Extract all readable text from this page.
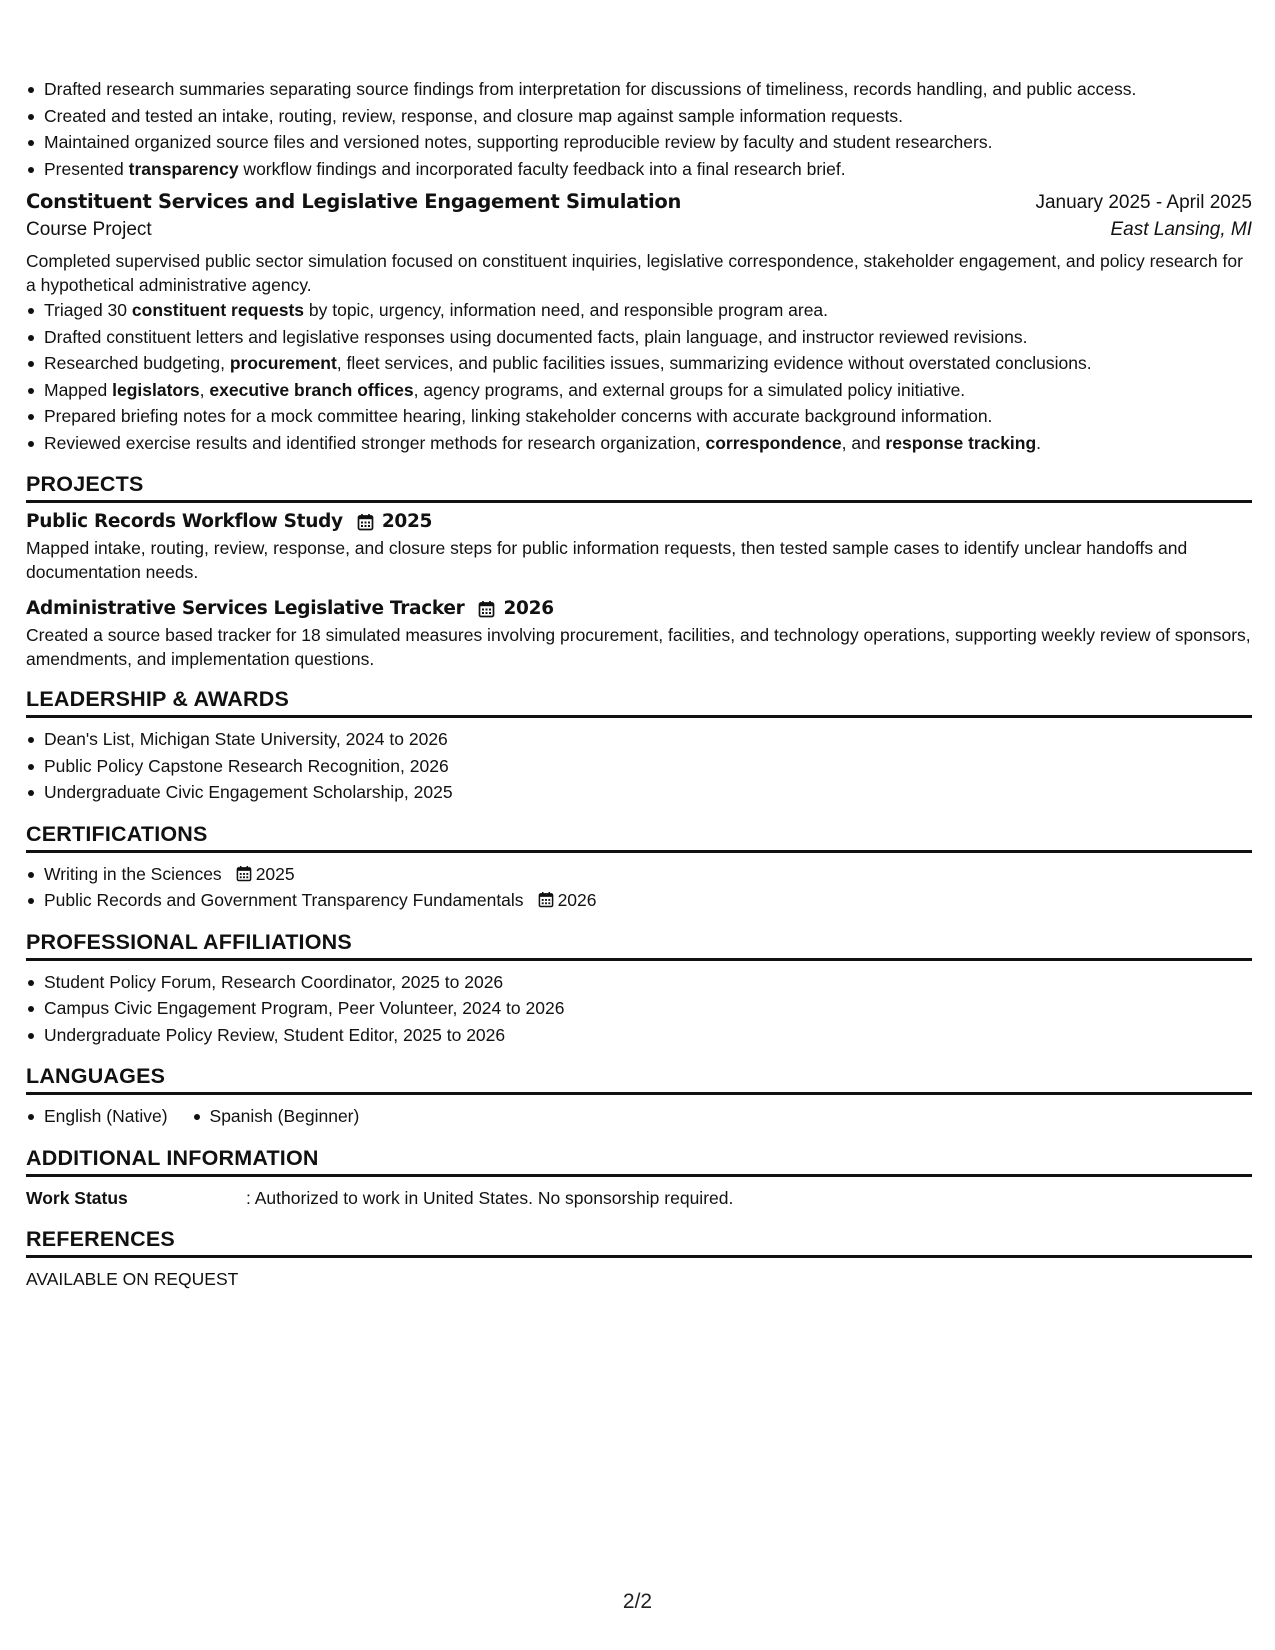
Drafted research summaries separating source findings from interpretation for discussions of timeliness, records handling, and public access.
Created and tested an intake, routing, review, response, and closure map against sample information requests.
Maintained organized source files and versioned notes, supporting reproducible review by faculty and student researchers.
Presented transparency workflow findings and incorporated faculty feedback into a final research brief.
Constituent Services and Legislative Engagement Simulation	January 2025 - April 2025
Course Project	East Lansing, MI
Completed supervised public sector simulation focused on constituent inquiries, legislative correspondence, stakeholder engagement, and policy research for a hypothetical administrative agency.
Triaged 30 constituent requests by topic, urgency, information need, and responsible program area.
Drafted constituent letters and legislative responses using documented facts, plain language, and instructor reviewed revisions.
Researched budgeting, procurement, fleet services, and public facilities issues, summarizing evidence without overstated conclusions.
Mapped legislators, executive branch offices, agency programs, and external groups for a simulated policy initiative.
Prepared briefing notes for a mock committee hearing, linking stakeholder concerns with accurate background information.
Reviewed exercise results and identified stronger methods for research organization, correspondence, and response tracking.
PROJECTS
Public Records Workflow Study 2025
Mapped intake, routing, review, response, and closure steps for public information requests, then tested sample cases to identify unclear handoffs and documentation needs.
Administrative Services Legislative Tracker 2026
Created a source based tracker for 18 simulated measures involving procurement, facilities, and technology operations, supporting weekly review of sponsors, amendments, and implementation questions.
LEADERSHIP & AWARDS
Dean's List, Michigan State University, 2024 to 2026
Public Policy Capstone Research Recognition, 2026
Undergraduate Civic Engagement Scholarship, 2025
CERTIFICATIONS
Writing in the Sciences 2025
Public Records and Government Transparency Fundamentals 2026
PROFESSIONAL AFFILIATIONS
Student Policy Forum, Research Coordinator, 2025 to 2026
Campus Civic Engagement Program, Peer Volunteer, 2024 to 2026
Undergraduate Policy Review, Student Editor, 2025 to 2026
LANGUAGES
English (Native)	Spanish (Beginner)
ADDITIONAL INFORMATION
Work Status	: Authorized to work in United States. No sponsorship required.
REFERENCES
AVAILABLE ON REQUEST
2/2
